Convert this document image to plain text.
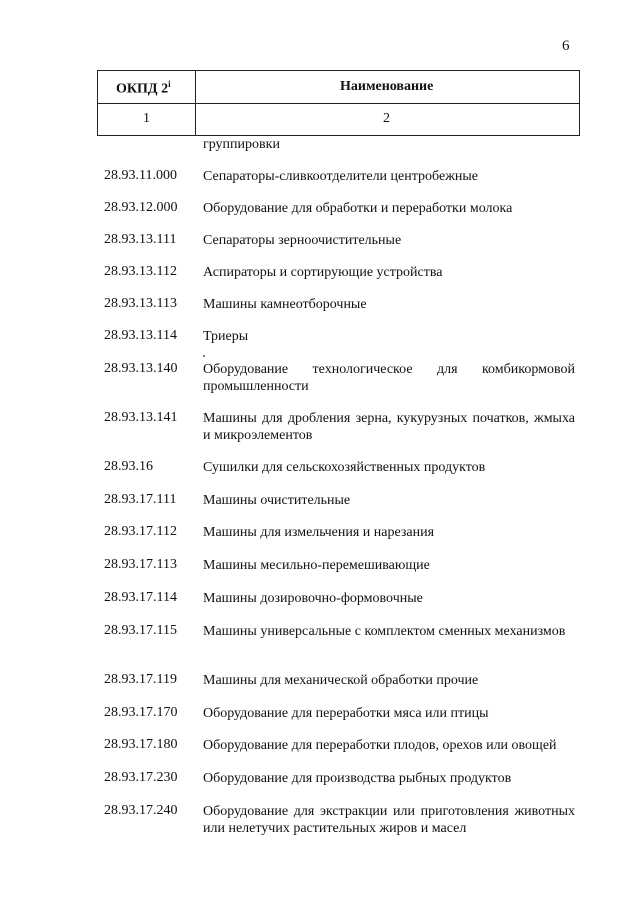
6
ОКПД 2$^i$	Наименование
1	2
группировки
28.93.11.000 Сепараторы-сливкоотделители центробежные
28.93.12.000 Оборудование для обработки и переработки молока
28.93.13.111 Сепараторы зерноочистительные
28.93.13.112 Аспираторы и сортирующие устройства
28.93.13.113 Машины камнеотборочные
28.93.13.114 Триеры
28.93.13.140 Оборудование технологическое для комбикормовой промышленности
28.93.13.141 Машины для дробления зерна, кукурузных початков, жмыха и микроэлементов
28.93.16	Сушилки для сельскохозяйственных продуктов
28.93.17.111 Машины очистительные
28.93.17.112 Машины для измельчения и нарезания
28.93.17.113 Машины месильно-перемешивающие
28.93.17.114 Машины дозировочно-формовочные
28.93.17.115 Машины универсальные с комплектом сменных механизмов
28.93.17.119 Машины для механической обработки прочие
28.93.17.170 Оборудование для переработки мяса или птицы
28.93.17.180 Оборудование для переработки плодов, орехов или овощей
28.93.17.230 Оборудование для производства рыбных продуктов
28.93.17.240 Оборудование для экстракции или приготовления животных или нелетучих растительных жиров и масел
